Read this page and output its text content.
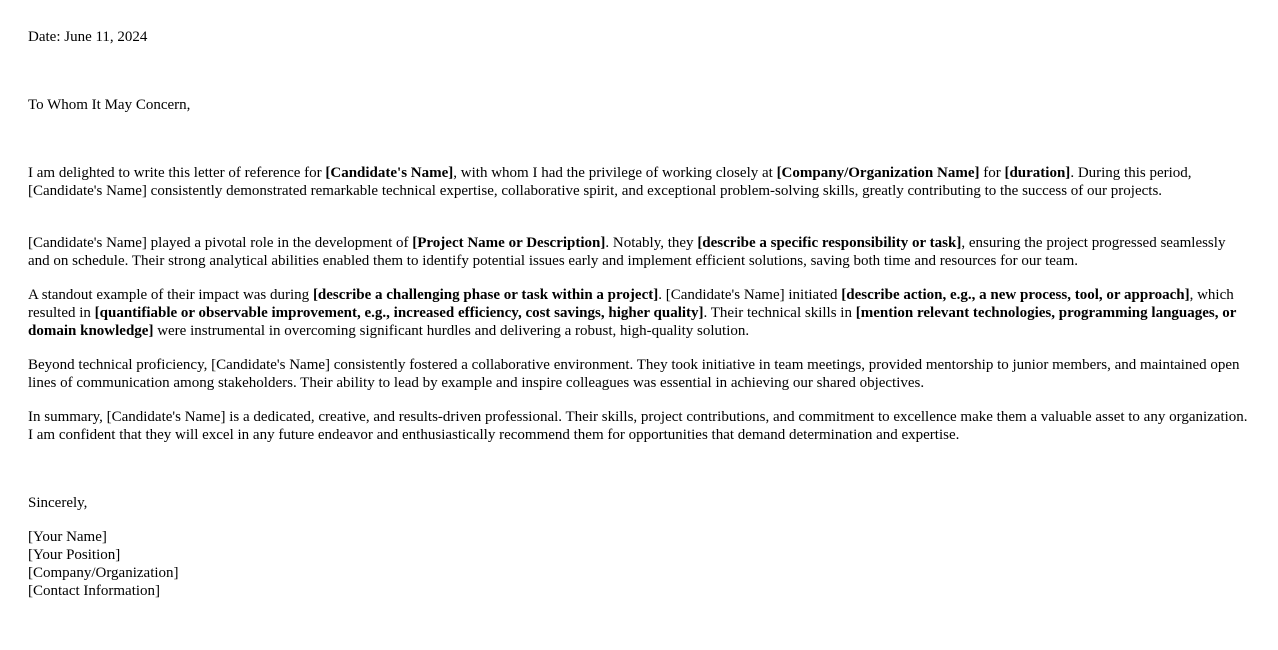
Date: June 11, 2024

To Whom It May Concern,

I am delighted to write this letter of reference for [Candidate's Name], with whom I had the privilege of working closely at [Company/Organization Name] for [duration]. During this period, [Candidate's Name] consistently demonstrated remarkable technical expertise, collaborative spirit, and exceptional problem-solving skills, greatly contributing to the success of our projects.

[Candidate's Name] played a pivotal role in the development of [Project Name or Description]. Notably, they [describe a specific responsibility or task], ensuring the project progressed seamlessly and on schedule. Their strong analytical abilities enabled them to identify potential issues early and implement efficient solutions, saving both time and resources for our team.

A standout example of their impact was during [describe a challenging phase or task within a project]. [Candidate's Name] initiated [describe action, e.g., a new process, tool, or approach], which resulted in [quantifiable or observable improvement, e.g., increased efficiency, cost savings, higher quality]. Their technical skills in [mention relevant technologies, programming languages, or domain knowledge] were instrumental in overcoming significant hurdles and delivering a robust, high-quality solution.

Beyond technical proficiency, [Candidate's Name] consistently fostered a collaborative environment. They took initiative in team meetings, provided mentorship to junior members, and maintained open lines of communication among stakeholders. Their ability to lead by example and inspire colleagues was essential in achieving our shared objectives.

In summary, [Candidate's Name] is a dedicated, creative, and results-driven professional. Their skills, project contributions, and commitment to excellence make them a valuable asset to any organization. I am confident that they will excel in any future endeavor and enthusiastically recommend them for opportunities that demand determination and expertise.

Sincerely,

[Your Name]
[Your Position]
[Company/Organization]
[Contact Information]
